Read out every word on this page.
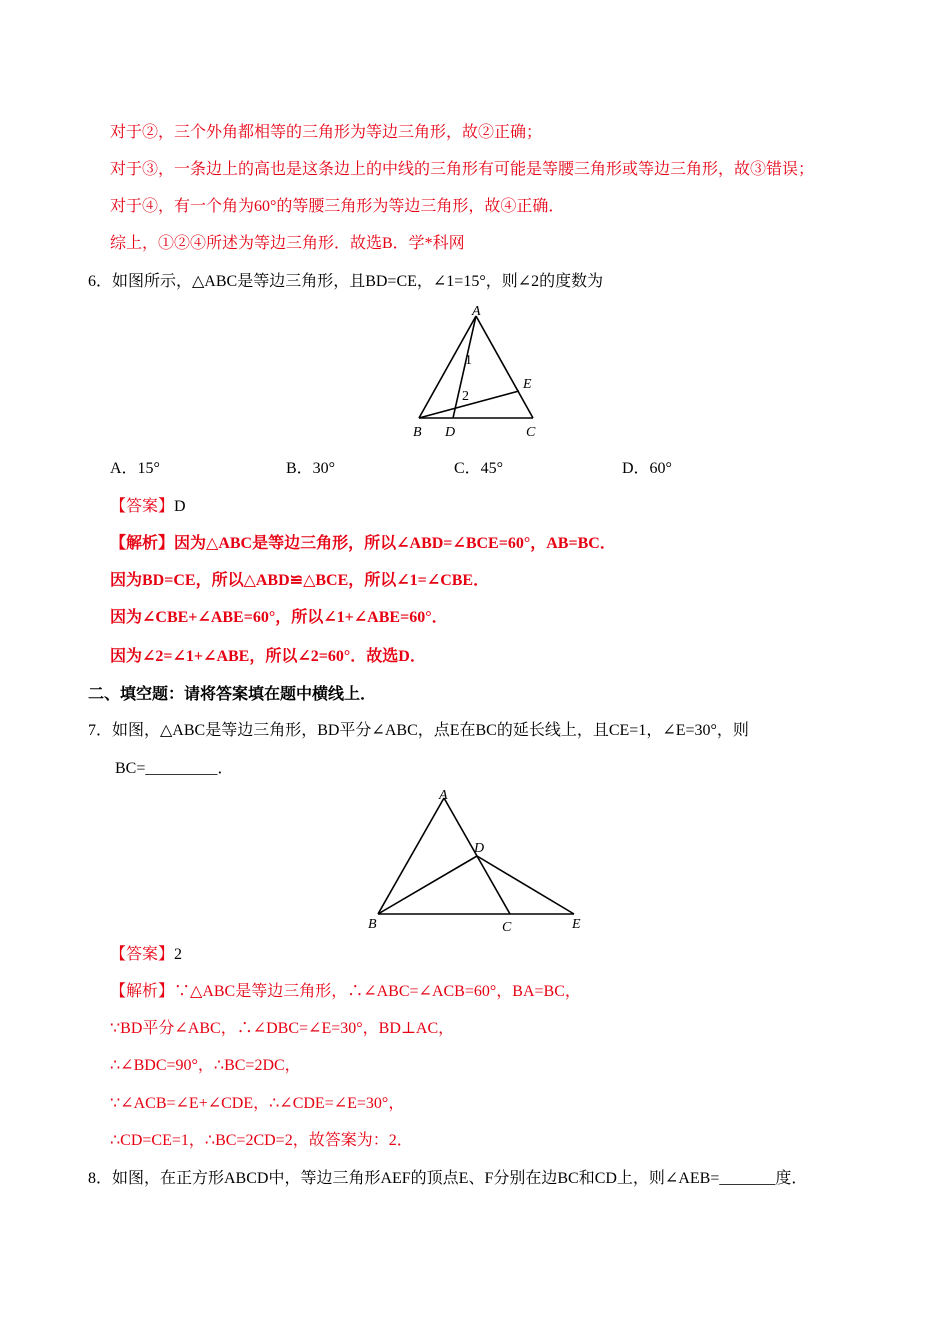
对于②，三个外角都相等的三角形为等边三角形，故②正确；
对于③，一条边上的高也是这条边上的中线的三角形有可能是等腰三角形或等边三角形，故③错误；
对于④，有一个角为60°的等腰三角形为等边三角形，故④正确．
综上，①②④所述为等边三角形．故选B．学*科网
6．如图所示，△ABC是等边三角形，且BD=CE，∠1=15°，则∠2的度数为
A
B	C
D
E
1
2
A．15°	B．30°	C．45°	D．60°
【答案】D
【解析】因为△ABC是等边三角形，所以∠ABD=∠BCE=60°，AB=BC．
因为BD=CE，所以△ABD≌△BCE，所以∠1=∠CBE．
因为∠CBE+∠ABE=60°，所以∠1+∠ABE=60°．
因为∠2=∠1+∠ABE，所以∠2=60°．故选D．
二、填空题：请将答案填在题中横线上．
7．如图，△ABC是等边三角形，BD平分∠ABC，点E在BC的延长线上，且CE=1，∠E=30°，则
BC=_________．
A
B	C
D
E
【答案】2
【解析】∵△ABC是等边三角形，∴∠ABC=∠ACB=60°，BA=BC，
∵BD平分∠ABC，∴∠DBC=∠E=30°，BD⊥AC，
∴∠BDC=90°，∴BC=2DC，
∵∠ACB=∠E+∠CDE，∴∠CDE=∠E=30°，
∴CD=CE=1，∴BC=2CD=2，故答案为：2．
8．如图，在正方形ABCD中，等边三角形AEF的顶点E、F分别在边BC和CD上，则∠AEB=_______度．
